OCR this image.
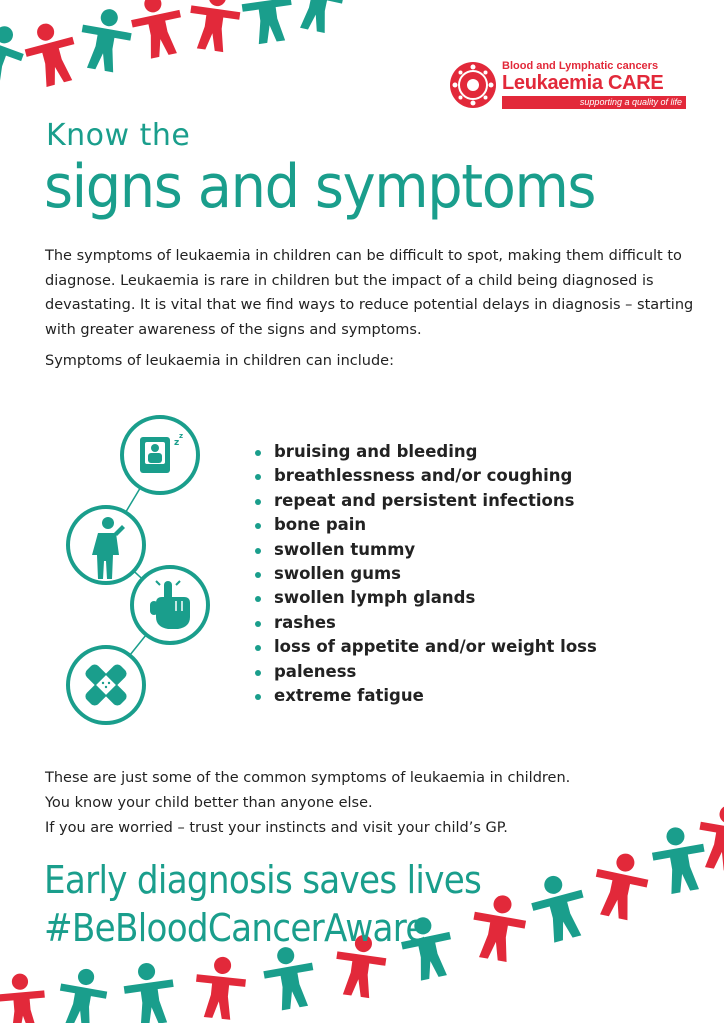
Blood and Lymphatic cancers
Leukaemia CARE
supporting a quality of life
Know the
signs and symptoms
The symptoms of leukaemia in children can be difficult to spot, making them difficult to diagnose. Leukaemia is rare in children but the impact of a child being diagnosed is devastating. It is vital that we find ways to reduce potential delays in diagnosis – starting with greater awareness of the signs and symptoms.
Symptoms of leukaemia in children can include:
z
z
bruising and bleeding
breathlessness and/or coughing
repeat and persistent infections
bone pain
swollen tummy
swollen gums
swollen lymph glands
rashes
loss of appetite and/or weight loss
paleness
extreme fatigue
These are just some of the common symptoms of leukaemia in children.
You know your child better than anyone else.
If you are worried – trust your instincts and visit your child’s GP.
Early diagnosis saves lives
#BeBloodCancerAware
